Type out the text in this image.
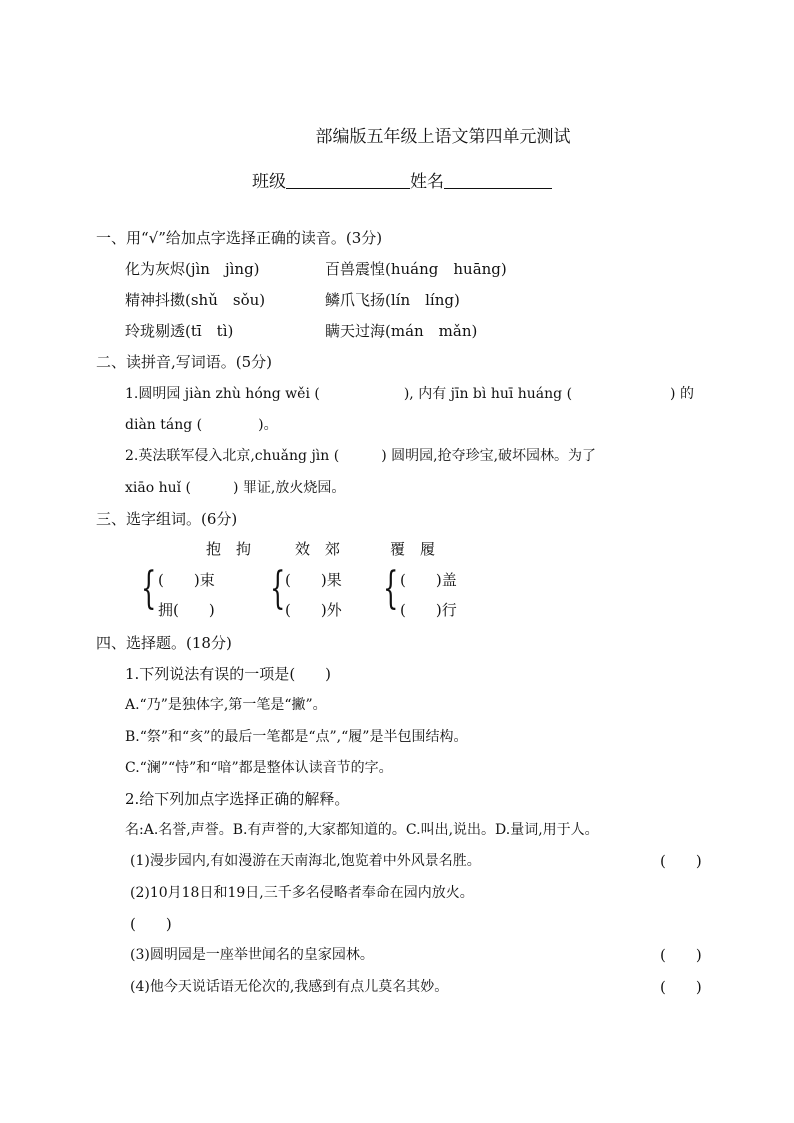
部编版五年级上语文第四单元测试
班级	姓名
一、用“√”给加点字选择正确的读音。(3分)
化为灰烬(jìn　jìng)	百兽震惶(huáng　huāng)
精神抖擞(shǔ　sǒu)	鳞爪飞扬(lín　líng)
玲珑剔透(tī　tì)	瞒天过海(mán　mǎn)
二、读拼音,写词语。(5分)
1.圆明园 jiàn zhù hóng wěi (　　　　　　), 内有 jīn bì huī huáng (　　　　　　　) 的
diàn táng (　　　　)。
2.英法联军侵入北京,chuǎng jìn (　　　) 圆明园,抢夺珍宝,破坏园林。为了
xiāo huǐ (　　　) 罪证,放火烧园。
三、选字组词。(6分)
抱　拘
{ (　　)束
拥(　　)
效　郊
{ (　　)果
(　　)外
覆　履
{ (　　)盖
(　　)行
四、选择题。(18分)
1.下列说法有误的一项是(　　)
A.“乃”是独体字,第一笔是“撇”。
B.“祭”和“亥”的最后一笔都是“点”,“履”是半包围结构。
C.“澜”“恃”和“喑”都是整体认读音节的字。
2.给下列加点字选择正确的解释。
名:A.名誉,声誉。B.有声誉的,大家都知道的。C.叫出,说出。D.量词,用于人。
(1)漫步园内,有如漫游在天南海北,饱览着中外风景名胜。	(　　)
(2)10月18日和19日,三千多名侵略者奉命在园内放火。
(　　)
(3)圆明园是一座举世闻名的皇家园林。	(　　)
(4)他今天说话语无伦次的,我感到有点儿莫名其妙。	(　　)
